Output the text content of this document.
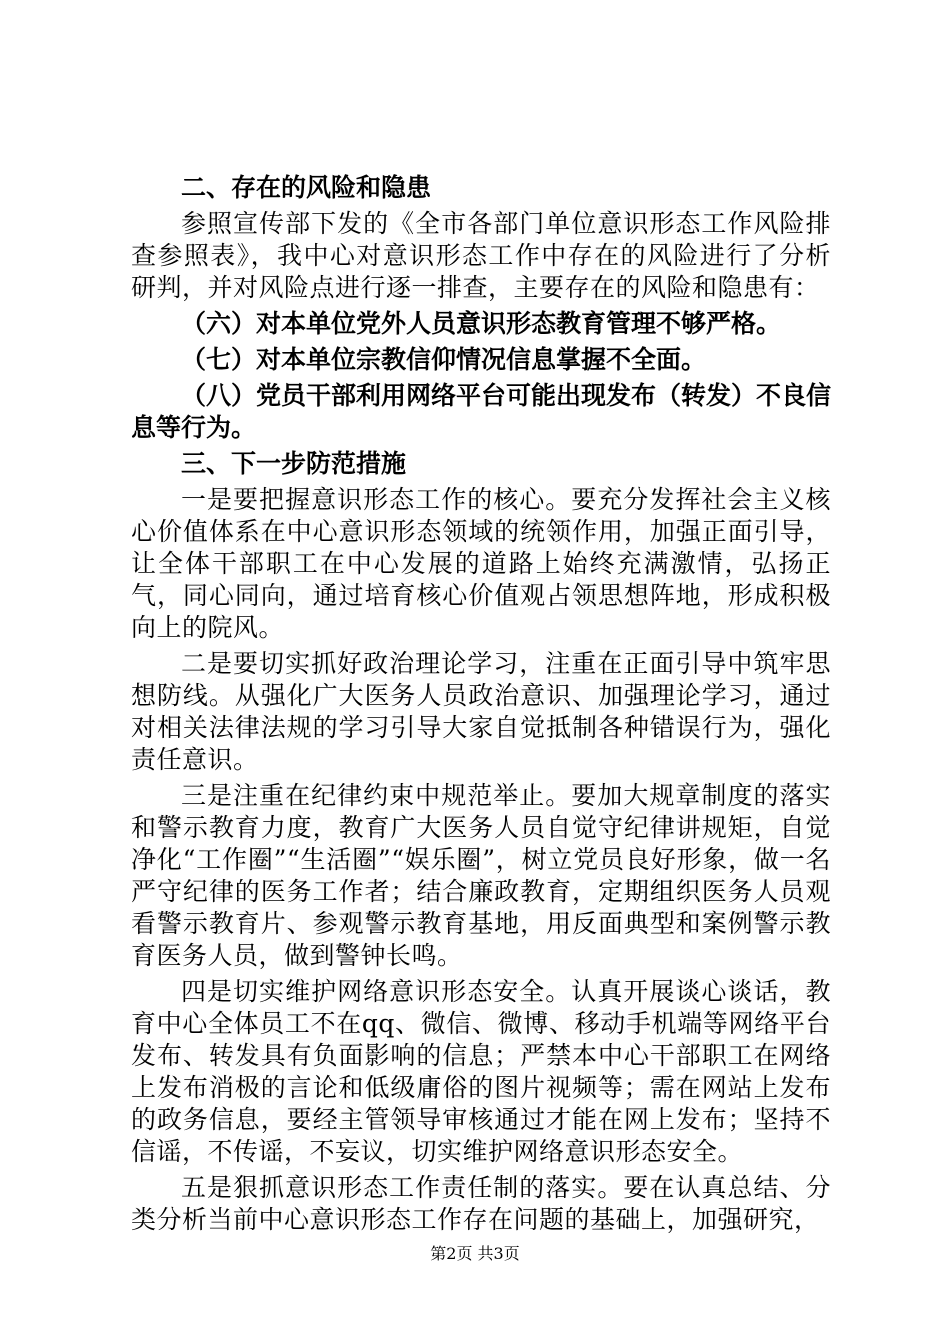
二、存在的风险和隐患

参照宣传部下发的《全市各部门单位意识形态工作风险排查参照表》，我中心对意识形态工作中存在的风险进行了分析研判，并对风险点进行逐一排查，主要存在的风险和隐患有：

（六）对本单位党外人员意识形态教育管理不够严格。

（七）对本单位宗教信仰情况信息掌握不全面。

（八）党员干部利用网络平台可能出现发布（转发）不良信息等行为。

三、下一步防范措施

一是要把握意识形态工作的核心。要充分发挥社会主义核心价值体系在中心意识形态领域的统领作用，加强正面引导，让全体干部职工在中心发展的道路上始终充满激情，弘扬正气，同心同向，通过培育核心价值观占领思想阵地，形成积极向上的院风。

二是要切实抓好政治理论学习，注重在正面引导中筑牢思想防线。从强化广大医务人员政治意识、加强理论学习，通过对相关法律法规的学习引导大家自觉抵制各种错误行为，强化责任意识。

三是注重在纪律约束中规范举止。要加大规章制度的落实和警示教育力度，教育广大医务人员自觉守纪律讲规矩，自觉净化“工作圈”“生活圈”“娱乐圈”，树立党员良好形象，做一名严守纪律的医务工作者；结合廉政教育，定期组织医务人员观看警示教育片、参观警示教育基地，用反面典型和案例警示教育医务人员，做到警钟长鸣。

四是切实维护网络意识形态安全。认真开展谈心谈话，教育中心全体员工不在qq、微信、微博、移动手机端等网络平台发布、转发具有负面影响的信息；严禁本中心干部职工在网络上发布消极的言论和低级庸俗的图片视频等；需在网站上发布的政务信息，要经主管领导审核通过才能在网上发布；坚持不信谣，不传谣，不妄议，切实维护网络意识形态安全。

五是狠抓意识形态工作责任制的落实。要在认真总结、分类分析当前中心意识形态工作存在问题的基础上，加强研究，

第2页 共3页
